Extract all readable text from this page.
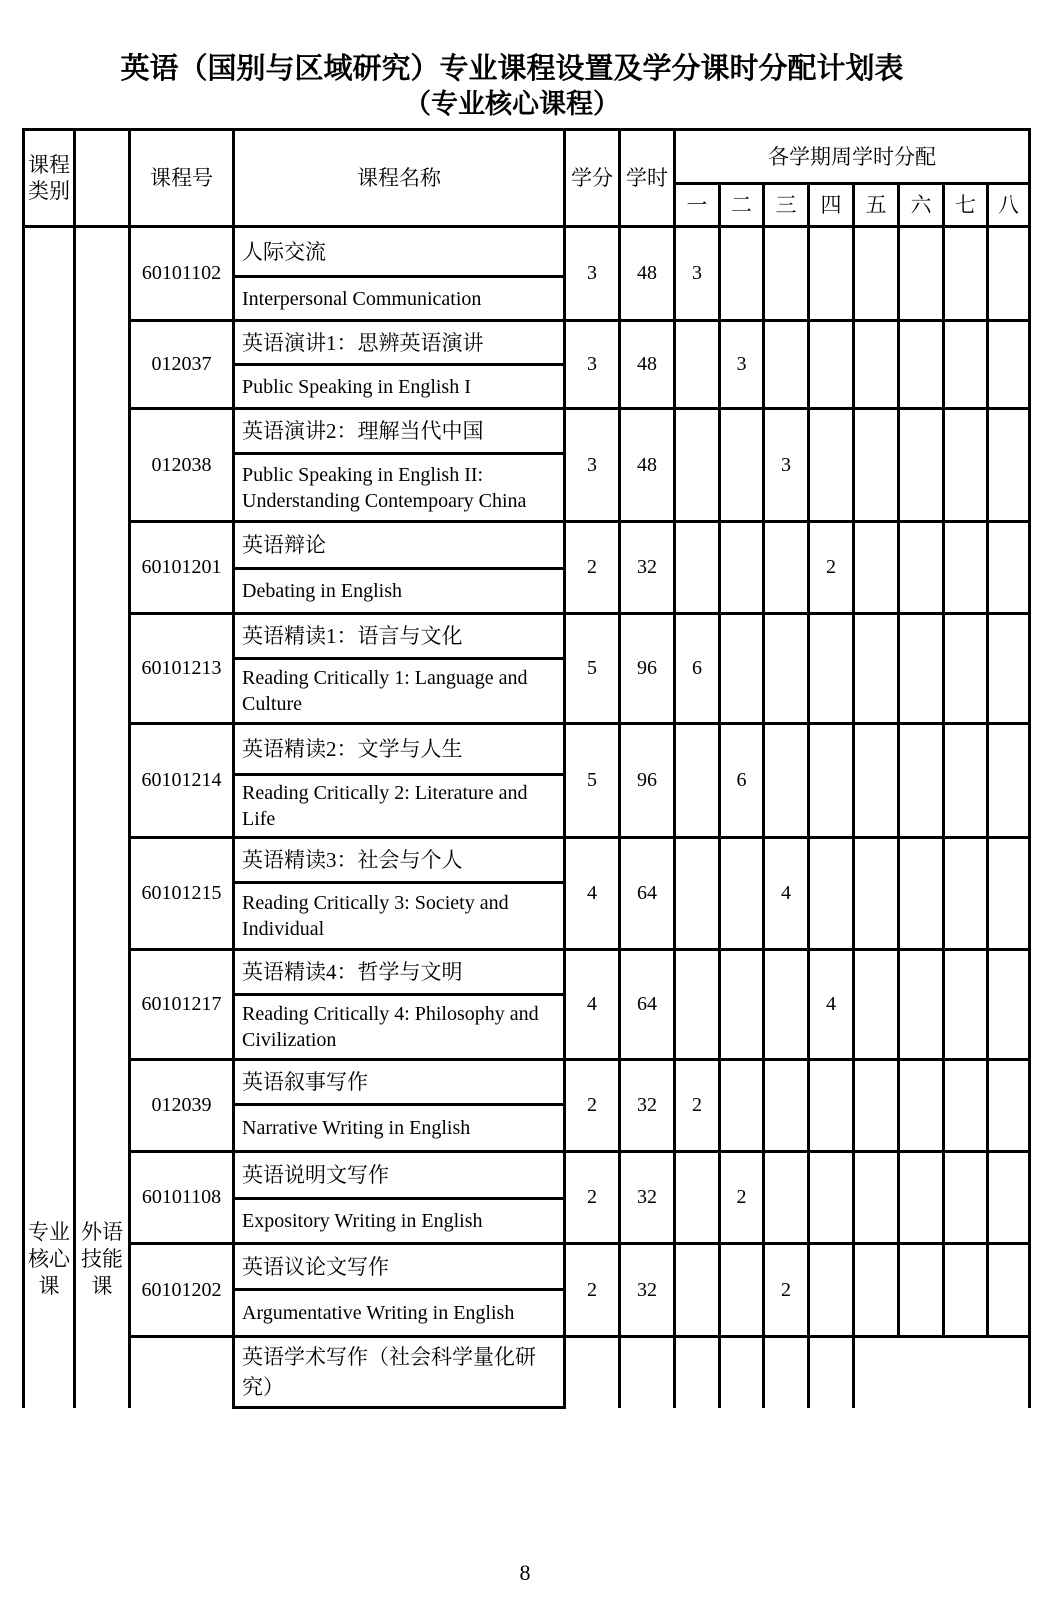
英语（国别与区域研究）专业课程设置及学分课时分配计划表
（专业核心课程）
课程
类别		课程号	课程名称	学分	学时	各学期周学时分配							
						一	二	三	四	五	六	七	八

专业
核心
课

外语
技能
课
	60101102	人际交流	3	48	3							
			Interpersonal Communication										
		012037	英语演讲1：思辨英语演讲	3	48		3						
			Public Speaking in English I										
		012038	英语演讲2：理解当代中国	3	48			3					
			Public Speaking in English II: Understanding Contempoary China										
		60101201	英语辩论	2	32				2				
			Debating in English										
		60101213	英语精读1：语言与文化	5	96	6							
			Reading Critically 1: Language and Culture										
		60101214	英语精读2：文学与人生	5	96		6						
			Reading Critically 2: Literature and Life										
		60101215	英语精读3：社会与个人	4	64			4					
			Reading Critically 3: Society and Individual										
		60101217	英语精读4：哲学与文明	4	64				4				
			Reading Critically 4: Philosophy and Civilization										
		012039	英语叙事写作	2	32	2							
			Narrative Writing in English										
		60101108	英语说明文写作	2	32		2						
			Expository Writing in English										
		60101202	英语议论文写作	2	32			2					
			Argumentative Writing in English										
			英语学术写作（社会科学量化研究）										
8
